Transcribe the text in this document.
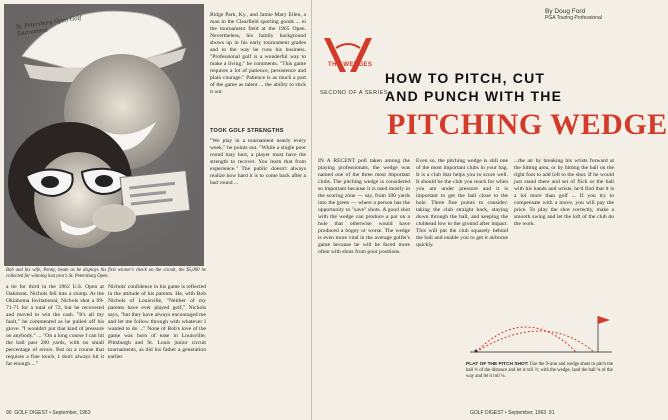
St. Petersburg Open Golf Tournament
Bob and his wife, Penny, beam as he displays his first winner's check on the circuit, the $5,000 he collected for winning last year's St. Petersburg Open.
a tie for third in the 1962 U.S. Open at Oakmont. Nichols fell into a slump. At the Oklahoma Invitational, Nichols shot a 69-71-71 for a total of 72, but he recovered and moved to win the cash. "It's all my fault," he commented as he pulled off his glove. "I wouldn't put that kind of pressure on anybody." ... "On a long course I can hit the ball past 280 yards, with no small percentage of errors. But on a course that requires a fine touch, I don't always hit it far enough ..."
Nichols' confidence in his game is reflected in the attitude of his parents. He, with Bob Nichols of Louisville, "Neither of my parents have ever played golf," Nichols says, "but they have always encouraged me and let me follow through with whatever I wanted to do ..." None of Bob's love of the game was born of ease in Louisville; Pittsburgh and St. Louis junior circuit tournaments, as did his father a generation earlier.
Ridge Park, Ky., and Jamie Mary Ellen, a man in the Clearfield sporting goods ... to the tournament field at the 1965 Open. Nevertheless, his family background shows up in his early tournament grades and in the way he runs his business. "Professional golf is a wonderful way to make a living," he comments. "This game requires a lot of patience, persistence and plain courage." Patience is as much a part of the game as talent ... the ability to stick it out.
TOOK GOLF STRENGTHS
"We play in a tournament nearly every week," he points out. "While a single poor round may hurt, a player must have the strength to recover. You learn that from experience." The public doesn't always realize how hard it is to come back after a bad round ...
90 GOLF DIGEST • September, 1963
By Doug Ford
PGA Touring Professional
THE WEDGES
SECOND OF A SERIES
HOW TO PITCH, CUT
AND PUNCH WITH THE
PITCHING WEDGE
IN A RECENT poll taken among the playing professionals, the wedge was named one of the three most important clubs. The pitching wedge is considered so important because it is used mostly in the scoring zone — say, from 100 yards into the green — where a person has the opportunity to "save" shots. A good shot with the wedge can produce a par on a hole that otherwise would have produced a bogey or worse. The wedge is even more vital in the average golfer's game because he will be faced more often with shots from poor positions.
Even so, the pitching wedge is still one of the most important clubs in your bag. It is a club that helps you to score well. It should be the club you reach for when you are under pressure and it is important to get the ball close to the hole. Three fine points to consider: taking the club straight back, staying down through the ball, and keeping the clubhead low to the ground after impact. This will put the club squarely behind the ball and enable you to get it airborne quickly.
...the air by breaking his wrists forward at the hitting area, or by hitting the ball on the right foot to add loft to the shot. If he would just stand there and set of flick or the ball with his hands and wrists, he'd find that it is a lot more than golf ... If you try to compensate with a move, you will pay the price. To play the shot correctly, make a smooth swing and let the loft of the club do the work.
PLAY OF THE PITCH SHOT: Use the 9-iron and wedge shots to pitch the ball ⅓ of the distance and let it roll ⅔; with the wedge, land the ball ¾ of the way and let it roll ¼.
GOLF DIGEST • September, 1963 91
